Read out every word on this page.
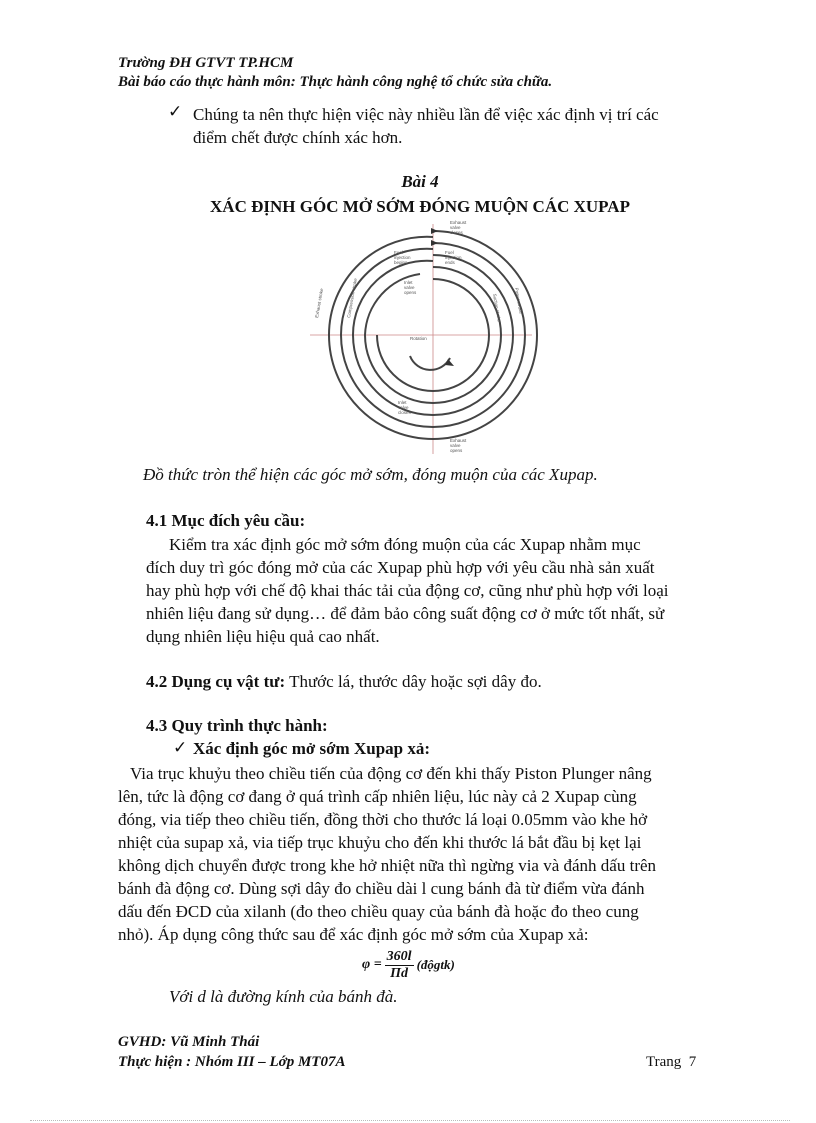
Trường ĐH GTVT TP.HCM
Bài báo cáo thực hành môn: Thực hành công nghệ tổ chức sửa chữa.
✓ Chúng ta nên thực hiện việc này nhiều lần để việc xác định vị trí các
điểm chết được chính xác hơn.
Bài 4
XÁC ĐỊNH GÓC MỞ SỚM ĐÓNG MUỘN CÁC XUPAP
Exhaust
valve
closes
Fuel
injection
begins
Fuel
injection
ends
Inlet
valve
opens
Rotation
Inlet
valve
closes
Exhaust
valve
opens
Exhaust stroke	Compression stroke	Power stroke
Suction stroke
Đồ thức tròn thể hiện các góc mở sớm, đóng muộn của các Xupap.
4.1 Mục đích yêu cầu:
Kiểm tra xác định góc mở sớm đóng muộn của các Xupap nhằm mục
đích duy trì góc đóng mở của các Xupap phù hợp với yêu cầu nhà sản xuất
hay phù hợp với chế độ khai thác tải của động cơ, cũng như phù hợp với loại
nhiên liệu đang sử dụng… để đảm bảo công suất động cơ ở mức tốt nhất, sử
dụng nhiên liệu hiệu quả cao nhất.
4.2 Dụng cụ vật tư: Thước lá, thước dây hoặc sợi dây đo.
4.3 Quy trình thực hành:
✓ Xác định góc mở sớm Xupap xả:
Via trục khuỷu theo chiều tiến của động cơ đến khi thấy Piston Plunger nâng
lên, tức là động cơ đang ở quá trình cấp nhiên liệu, lúc này cả 2 Xupap cùng
đóng, via tiếp theo chiều tiến, đồng thời cho thước lá loại 0.05mm vào khe hở
nhiệt của supap xả, via tiếp trục khuỷu cho đến khi thước lá bắt đầu bị kẹt lại
không dịch chuyển được trong khe hở nhiệt nữa thì ngừng via và đánh dấu trên
bánh đà động cơ. Dùng sợi dây đo chiều dài l cung bánh đà từ điểm vừa đánh
dấu đến ĐCD của xilanh (đo theo chiều quay của bánh đà hoặc đo theo cung
nhỏ). Áp dụng công thức sau để xác định góc mở sớm của Xupap xả:
$\varphi = \frac{360l}{\Pi d}$ (độgtk)
Với d là đường kính của bánh đà.
GVHD: Vũ Minh Thái
Thực hiện : Nhóm III – Lớp MT07A	Trang  7
